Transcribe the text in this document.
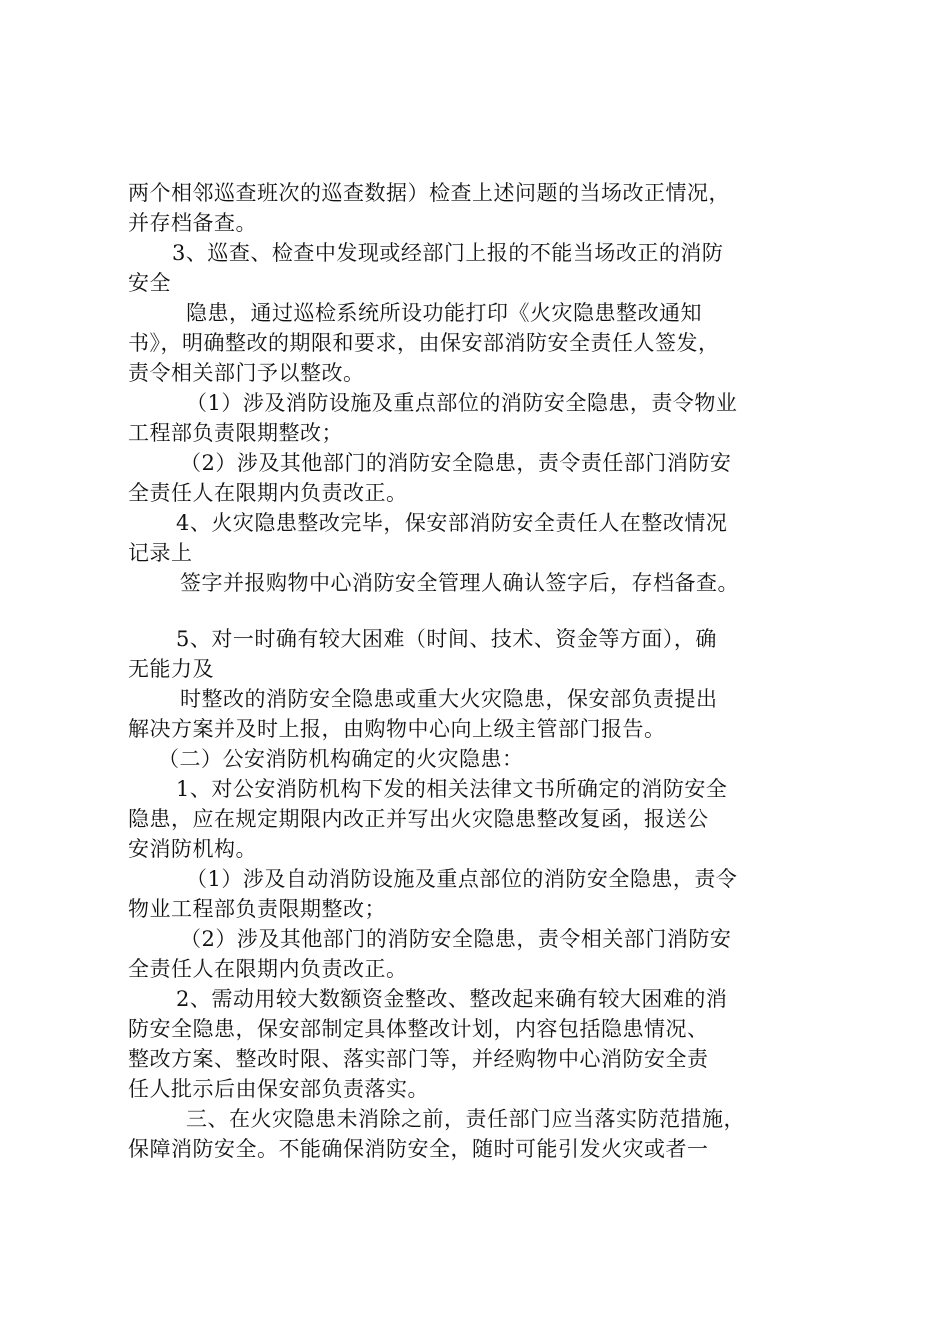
两个相邻巡查班次的巡查数据）检查上述问题的当场改正情况，
并存档备查。
3、巡查、检查中发现或经部门上报的不能当场改正的消防
安全
隐患，通过巡检系统所设功能打印《火灾隐患整改通知
书》，明确整改的期限和要求，由保安部消防安全责任人签发，
责令相关部门予以整改。
（1）涉及消防设施及重点部位的消防安全隐患，责令物业
工程部负责限期整改；
（2）涉及其他部门的消防安全隐患，责令责任部门消防安
全责任人在限期内负责改正。
4、火灾隐患整改完毕，保安部消防安全责任人在整改情况
记录上
签字并报购物中心消防安全管理人确认签字后，存档备查。
5、对一时确有较大困难（时间、技术、资金等方面），确
无能力及
时整改的消防安全隐患或重大火灾隐患，保安部负责提出
解决方案并及时上报，由购物中心向上级主管部门报告。
（二）公安消防机构确定的火灾隐患：
1、对公安消防机构下发的相关法律文书所确定的消防安全
隐患，应在规定期限内改正并写出火灾隐患整改复函，报送公
安消防机构。
（1）涉及自动消防设施及重点部位的消防安全隐患，责令
物业工程部负责限期整改；
（2）涉及其他部门的消防安全隐患，责令相关部门消防安
全责任人在限期内负责改正。
2、需动用较大数额资金整改、整改起来确有较大困难的消
防安全隐患，保安部制定具体整改计划，内容包括隐患情况、
整改方案、整改时限、落实部门等，并经购物中心消防安全责
任人批示后由保安部负责落实。
三、在火灾隐患未消除之前，责任部门应当落实防范措施，
保障消防安全。不能确保消防安全，随时可能引发火灾或者一
